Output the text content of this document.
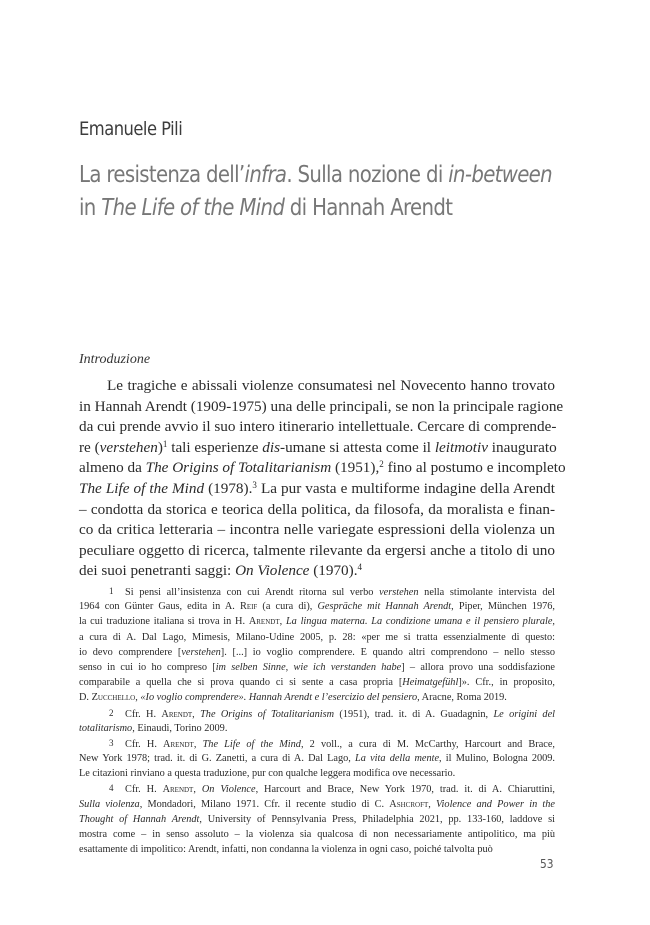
Emanuele Pili
La resistenza dell’infra. Sulla nozione di in-between
in The Life of the Mind di Hannah Arendt
Introduzione
Le tragiche e abissali violenze consumatesi nel Novecento hanno trovato
in Hannah Arendt (1909-1975) una delle principali, se non la principale ragione
da cui prende avvio il suo intero itinerario intellettuale. Cercare di comprende-
re (verstehen)$^1$ tali esperienze dis-umane si attesta come il leitmotiv inaugurato
almeno da The Origins of Totalitarianism (1951),$^2$ fino al postumo e incompleto
The Life of the Mind (1978).$^3$ La pur vasta e multiforme indagine della Arendt
– condotta da storica e teorica della politica, da filosofa, da moralista e finan-
co da critica letteraria – incontra nelle variegate espressioni della violenza un
peculiare oggetto di ricerca, talmente rilevante da ergersi anche a titolo di uno
dei suoi penetranti saggi: On Violence (1970).$^4$
1 Si pensi all’insistenza con cui Arendt ritorna sul verbo verstehen nella stimolante intervista del
1964 con Günter Gaus, edita in A. Reif (a cura di), Gespräche mit Hannah Arendt, Piper, München 1976,
la cui traduzione italiana si trova in H. Arendt, La lingua materna. La condizione umana e il pensiero plurale,
a cura di A. Dal Lago, Mimesis, Milano-Udine 2005, p. 28: «per me si tratta essenzialmente di questo:
io devo comprendere [verstehen]. [...] io voglio comprendere. E quando altri comprendono – nello stesso
senso in cui io ho compreso [im selben Sinne, wie ich verstanden habe] – allora provo una soddisfazione
comparabile a quella che si prova quando ci si sente a casa propria [Heimatgefühl]». Cfr., in proposito,
D. Zucchello, «Io voglio comprendere». Hannah Arendt e l’esercizio del pensiero, Aracne, Roma 2019.
2 Cfr. H. Arendt, The Origins of Totalitarianism (1951), trad. it. di A. Guadagnin, Le origini del
totalitarismo, Einaudi, Torino 2009.
3 Cfr. H. Arendt, The Life of the Mind, 2 voll., a cura di M. McCarthy, Harcourt and Brace,
New York 1978; trad. it. di G. Zanetti, a cura di A. Dal Lago, La vita della mente, il Mulino, Bologna 2009.
Le citazioni rinviano a questa traduzione, pur con qualche leggera modifica ove necessario.
4 Cfr. H. Arendt, On Violence, Harcourt and Brace, New York 1970, trad. it. di A. Chiaruttini,
Sulla violenza, Mondadori, Milano 1971. Cfr. il recente studio di C. Ashcroft, Violence and Power in the
Thought of Hannah Arendt, University of Pennsylvania Press, Philadelphia 2021, pp. 133-160, laddove si
mostra come – in senso assoluto – la violenza sia qualcosa di non necessariamente antipolitico, ma più
esattamente di impolitico: Arendt, infatti, non condanna la violenza in ogni caso, poiché talvolta può
53
